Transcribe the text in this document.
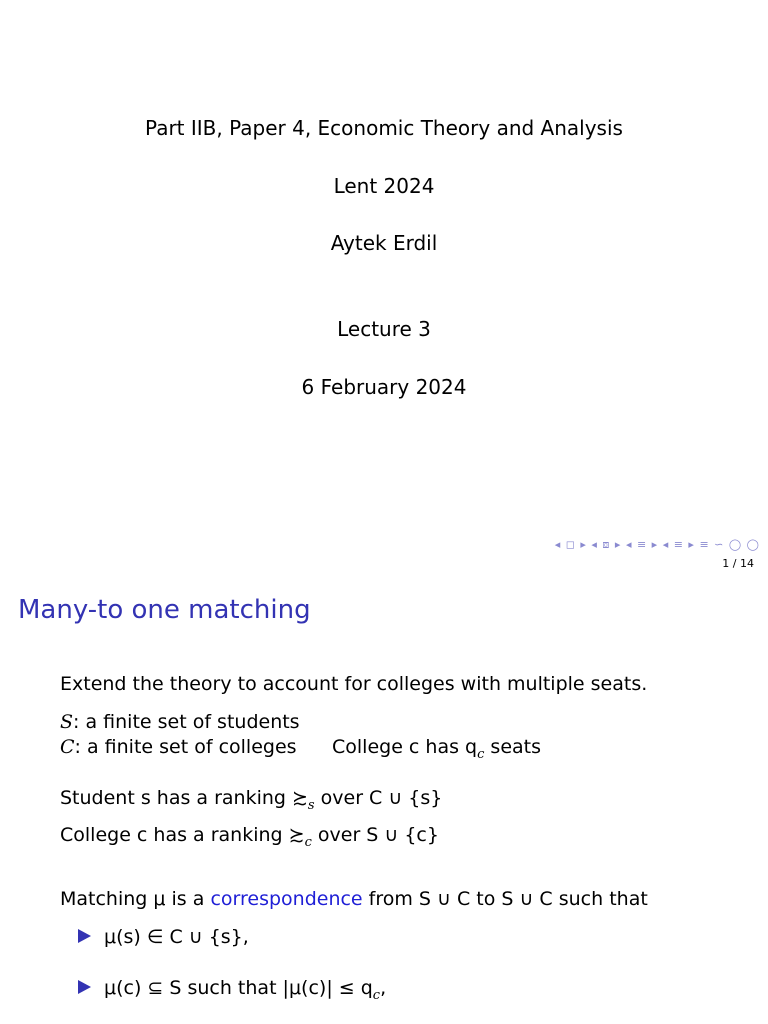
Part IIB, Paper 4, Economic Theory and Analysis
Lent 2024
Aytek Erdil
Lecture 3
6 February 2024
◂ ◻ ▸ ◂ ⧈ ▸ ◂ ≡ ▸ ◂ ≡ ▸ ≡ ∽ ◯ ◯
1 / 14
Many-to one matching
Extend the theory to account for colleges with multiple seats.
S: a finite set of students
C: a finite set of colleges College c has $q_c$ seats
Student s has a ranking $≿_s$ over C ∪ {s}
College c has a ranking $≿_c$ over S ∪ {c}
Matching μ is a correspondence from S ∪ C to S ∪ C such that
μ(s) ∈ C ∪ {s},
μ(c) ⊆ S such that $|\mu(c)| \le q_c$,
